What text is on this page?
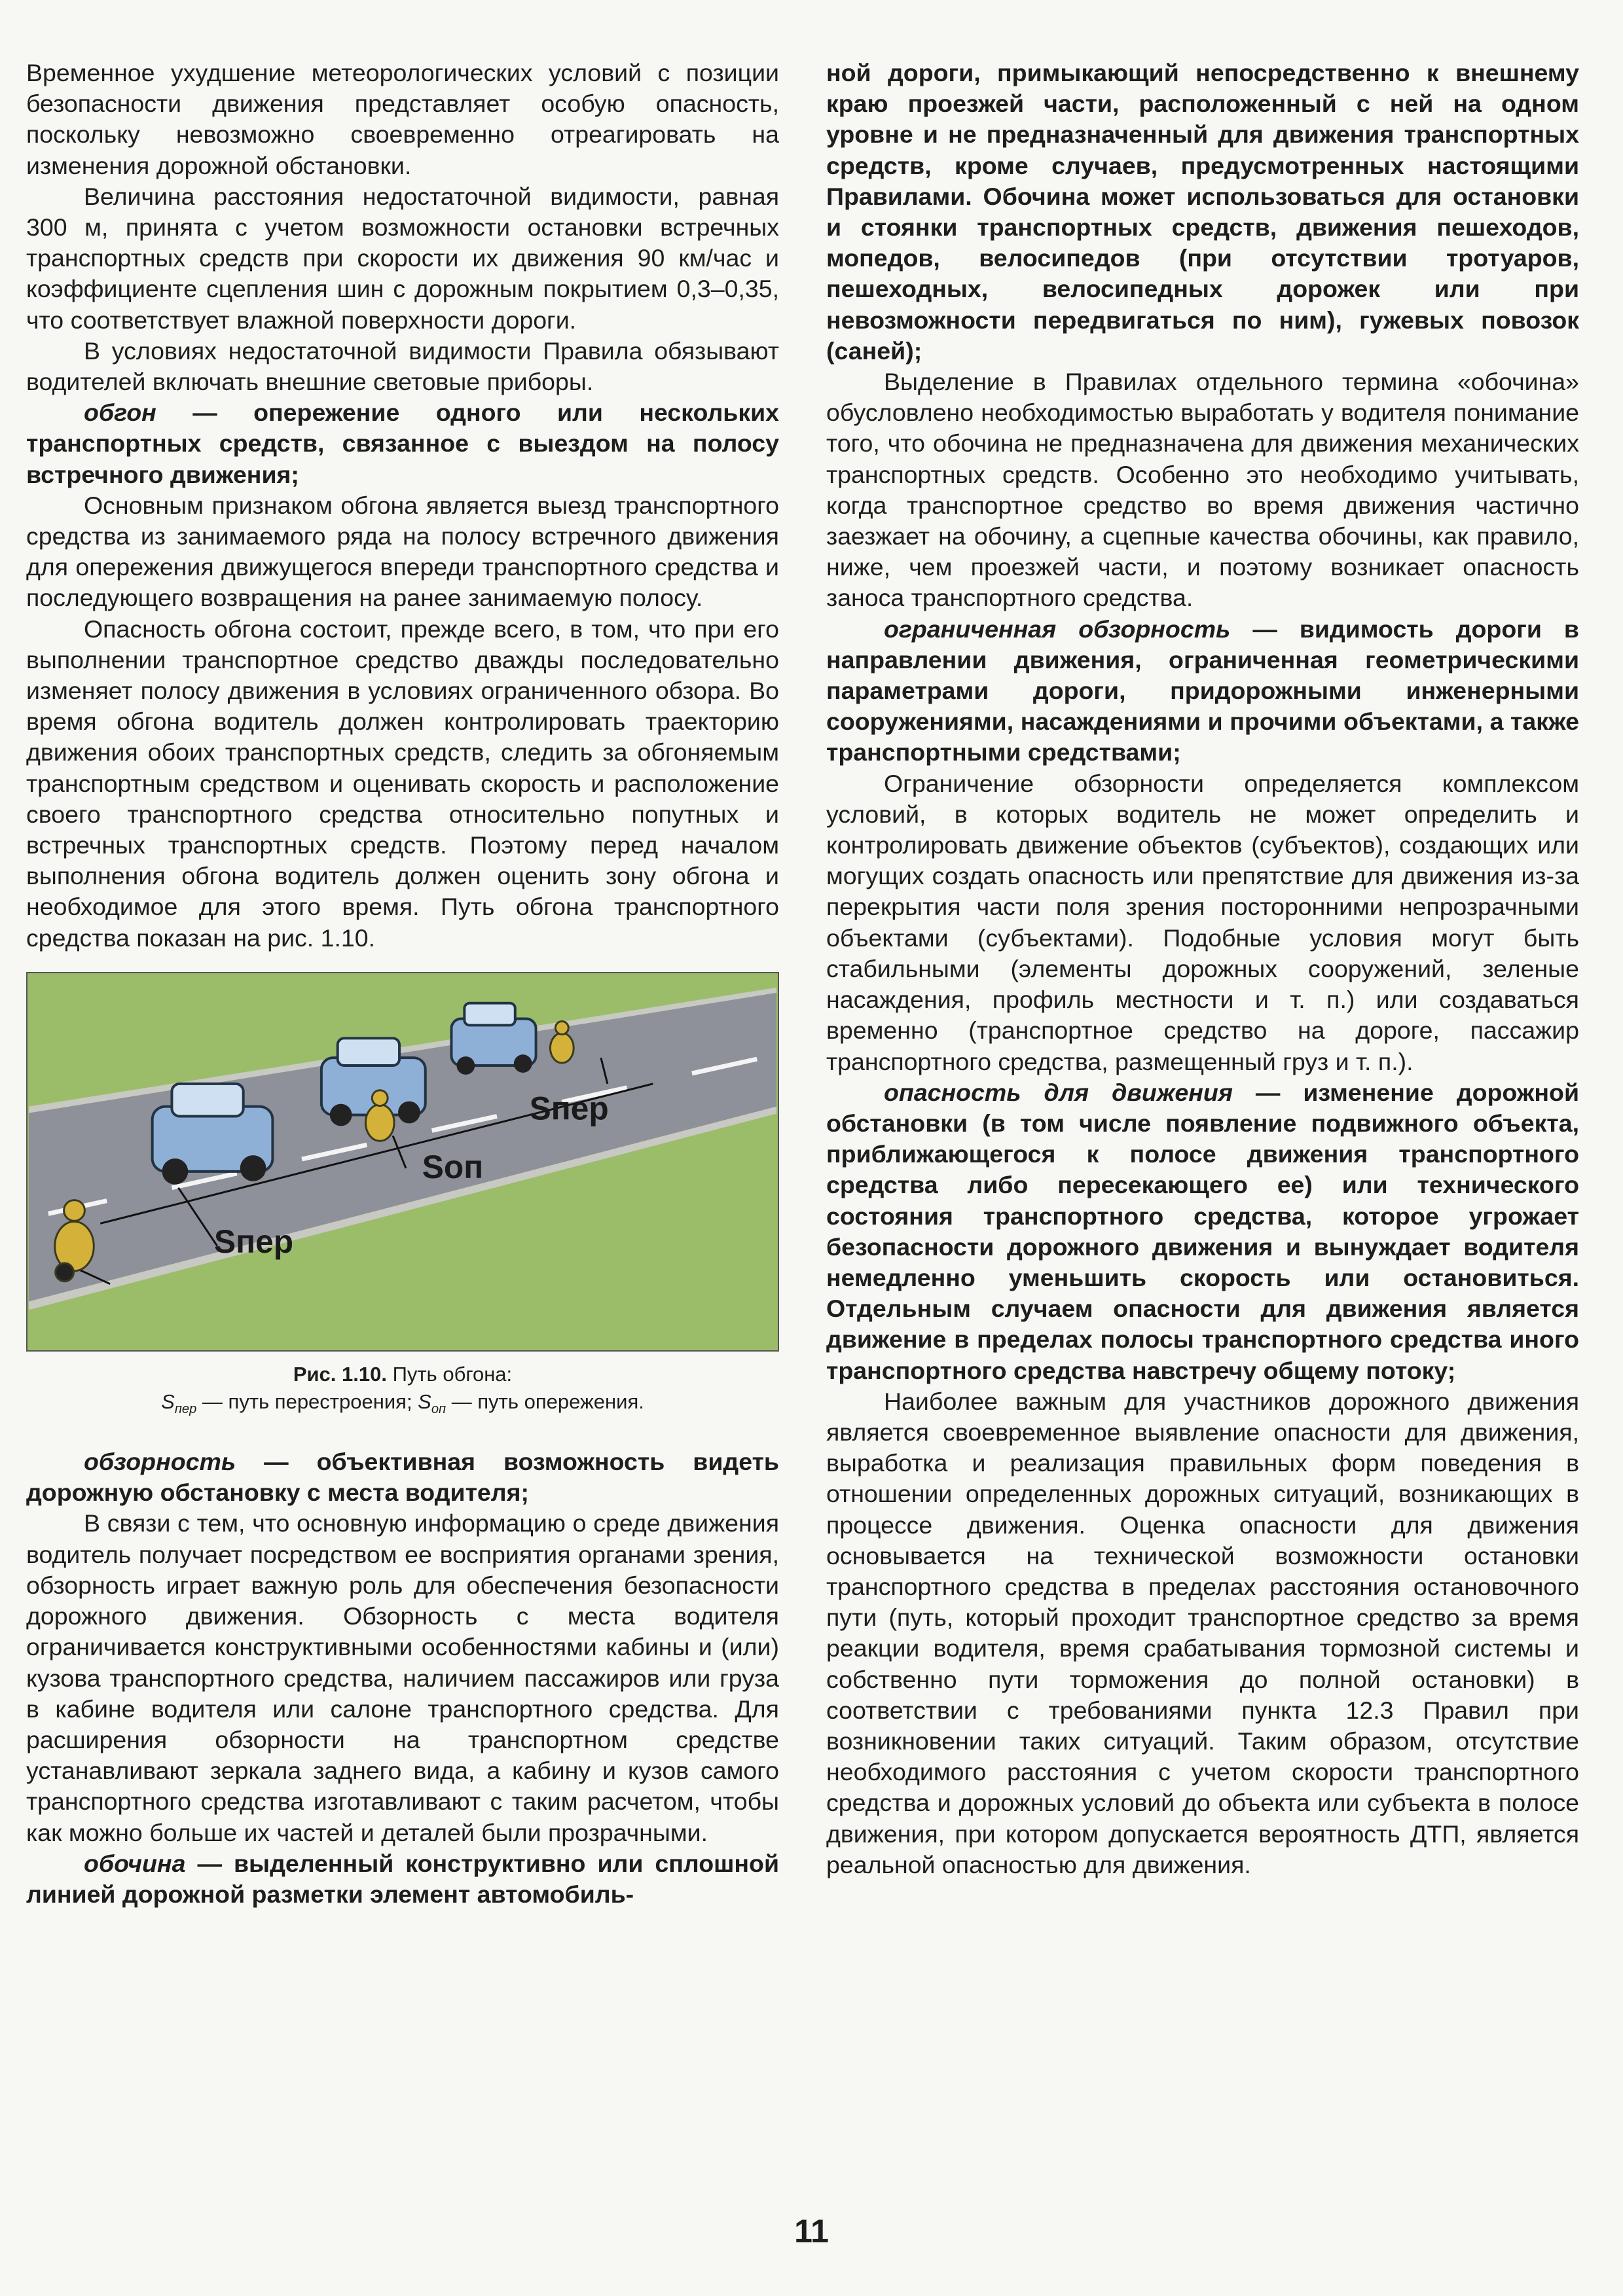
Временное ухудшение метеорологических условий с позиции безопасности движения представляет особую опасность, поскольку невозможно своевременно отреагировать на изменения дорожной обстановки.

Величина расстояния недостаточной видимости, равная 300 м, принята с учетом возможности остановки встречных транспортных средств при скорости их движения 90 км/час и коэффициенте сцепления шин с дорожным покрытием 0,3–0,35, что соответствует влажной поверхности дороги.

В условиях недостаточной видимости Правила обязывают водителей включать внешние световые приборы.

обгон — опережение одного или нескольких транспортных средств, связанное с выездом на полосу встречного движения;

Основным признаком обгона является выезд транспортного средства из занимаемого ряда на полосу встречного движения для опережения движущегося впереди транспортного средства и последующего возвращения на ранее занимаемую полосу.

Опасность обгона состоит, прежде всего, в том, что при его выполнении транспортное средство дважды последовательно изменяет полосу движения в условиях ограниченного обзора. Во время обгона водитель должен контролировать траекторию движения обоих транспортных средств, следить за обгоняемым транспортным средством и оценивать скорость и расположение своего транспортного средства относительно попутных и встречных транспортных средств. Поэтому перед началом выполнения обгона водитель должен оценить зону обгона и необходимое для этого время. Путь обгона транспортного средства показан на рис. 1.10.

Sпер
Sоп
Sпер
Рис. 1.10. Путь обгона:
$S_{пер}$ — путь перестроения; $S_{оп}$ — путь опережения.

обзорность — объективная возможность видеть дорожную обстановку с места водителя;

В связи с тем, что основную информацию о среде движения водитель получает посредством ее восприятия органами зрения, обзорность играет важную роль для обеспечения безопасности дорожного движения. Обзорность с места водителя ограничивается конструктивными особенностями кабины и (или) кузова транспортного средства, наличием пассажиров или груза в кабине водителя или салоне транспортного средства. Для расширения обзорности на транспортном средстве устанавливают зеркала заднего вида, а кабину и кузов самого транспортного средства изготавливают с таким расчетом, чтобы как можно больше их частей и деталей были прозрачными.

обочина — выделенный конструктивно или сплошной линией дорожной разметки элемент автомобиль-

ной дороги, примыкающий непосредственно к внешнему краю проезжей части, расположенный с ней на одном уровне и не предназначенный для движения транспортных средств, кроме случаев, предусмотренных настоящими Правилами. Обочина может использоваться для остановки и стоянки транспортных средств, движения пешеходов, мопедов, велосипедов (при отсутствии тротуаров, пешеходных, велосипедных дорожек или при невозможности передвигаться по ним), гужевых повозок (саней);

Выделение в Правилах отдельного термина «обочина» обусловлено необходимостью выработать у водителя понимание того, что обочина не предназначена для движения механических транспортных средств. Особенно это необходимо учитывать, когда транспортное средство во время движения частично заезжает на обочину, а сцепные качества обочины, как правило, ниже, чем проезжей части, и поэтому возникает опасность заноса транспортного средства.

ограниченная обзорность — видимость дороги в направлении движения, ограниченная геометрическими параметрами дороги, придорожными инженерными сооружениями, насаждениями и прочими объектами, а также транспортными средствами;

Ограничение обзорности определяется комплексом условий, в которых водитель не может определить и контролировать движение объектов (субъектов), создающих или могущих создать опасность или препятствие для движения из-за перекрытия части поля зрения посторонними непрозрачными объектами (субъектами). Подобные условия могут быть стабильными (элементы дорожных сооружений, зеленые насаждения, профиль местности и т. п.) или создаваться временно (транспортное средство на дороге, пассажир транспортного средства, размещенный груз и т. п.).

опасность для движения — изменение дорожной обстановки (в том числе появление подвижного объекта, приближающегося к полосе движения транспортного средства либо пересекающего ее) или технического состояния транспортного средства, которое угрожает безопасности дорожного движения и вынуждает водителя немедленно уменьшить скорость или остановиться. Отдельным случаем опасности для движения является движение в пределах полосы транспортного средства иного транспортного средства навстречу общему потоку;

Наиболее важным для участников дорожного движения является своевременное выявление опасности для движения, выработка и реализация правильных форм поведения в отношении определенных дорожных ситуаций, возникающих в процессе движения. Оценка опасности для движения основывается на технической возможности остановки транспортного средства в пределах расстояния остановочного пути (путь, который проходит транспортное средство за время реакции водителя, время срабатывания тормозной системы и собственно пути торможения до полной остановки) в соответствии с требованиями пункта 12.3 Правил при возникновении таких ситуаций. Таким образом, отсутствие необходимого расстояния с учетом скорости транспортного средства и дорожных условий до объекта или субъекта в полосе движения, при котором допускается вероятность ДТП, является реальной опасностью для движения.

11
